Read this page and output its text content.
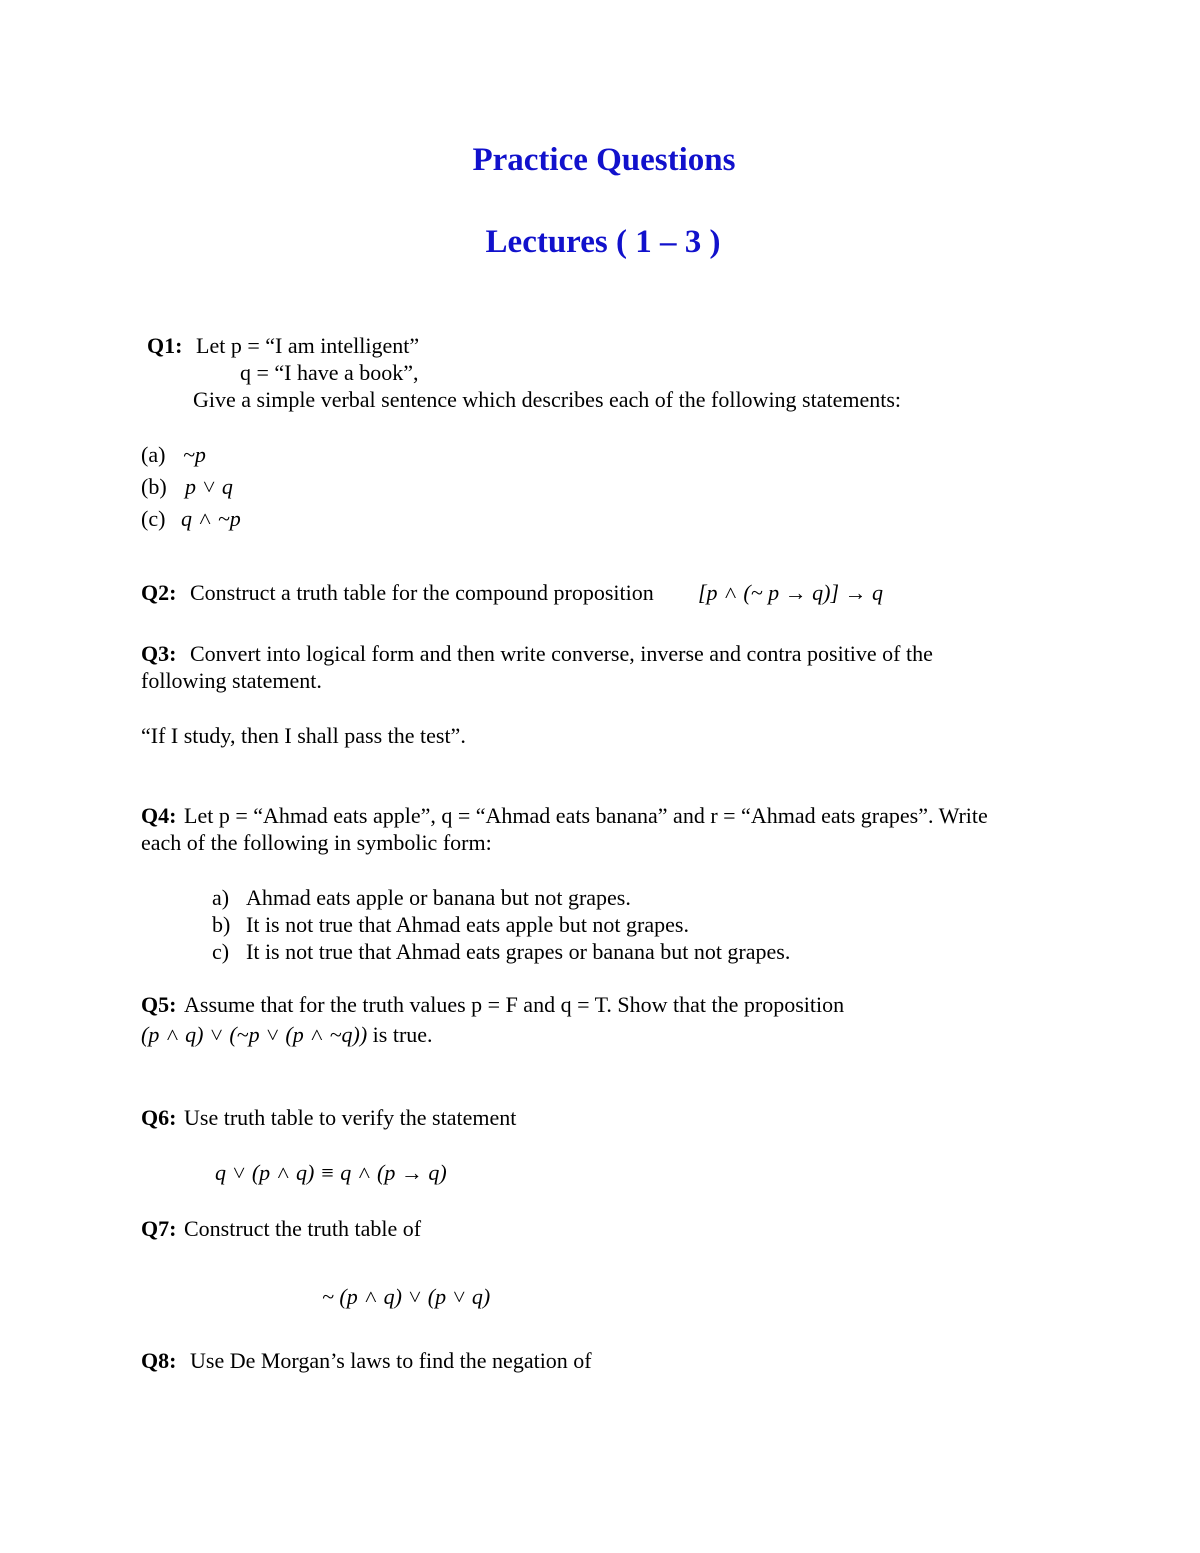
Practice Questions
Lectures ( 1 – 3 )
Q1: Let p = “I am intelligent”
q = “I have a book”,
Give a simple verbal sentence which describes each of the following statements:
(a) ~p
(b) p ˅ q
(c) q ˄ ~p
Q2: Construct a truth table for the compound proposition [p ˄ (~ p → q)] → q
Q3: Convert into logical form and then write converse, inverse and contra positive of the
following statement.
“If I study, then I shall pass the test”.
Q4: Let p = “Ahmad eats apple”, q = “Ahmad eats banana” and r = “Ahmad eats grapes”. Write
each of the following in symbolic form:
a) Ahmad eats apple or banana but not grapes.
b) It is not true that Ahmad eats apple but not grapes.
c) It is not true that Ahmad eats grapes or banana but not grapes.
Q5: Assume that for the truth values p = F and q = T. Show that the proposition
(p ˄ q) ˅ (~p ˅ (p ˄ ~q)) is true.
Q6: Use truth table to verify the statement
q ˅ (p ˄ q) ≡ q ˄ (p → q)
Q7: Construct the truth table of
~ (p ˄ q) ˅ (p ˅ q)
Q8: Use De Morgan’s laws to find the negation of
